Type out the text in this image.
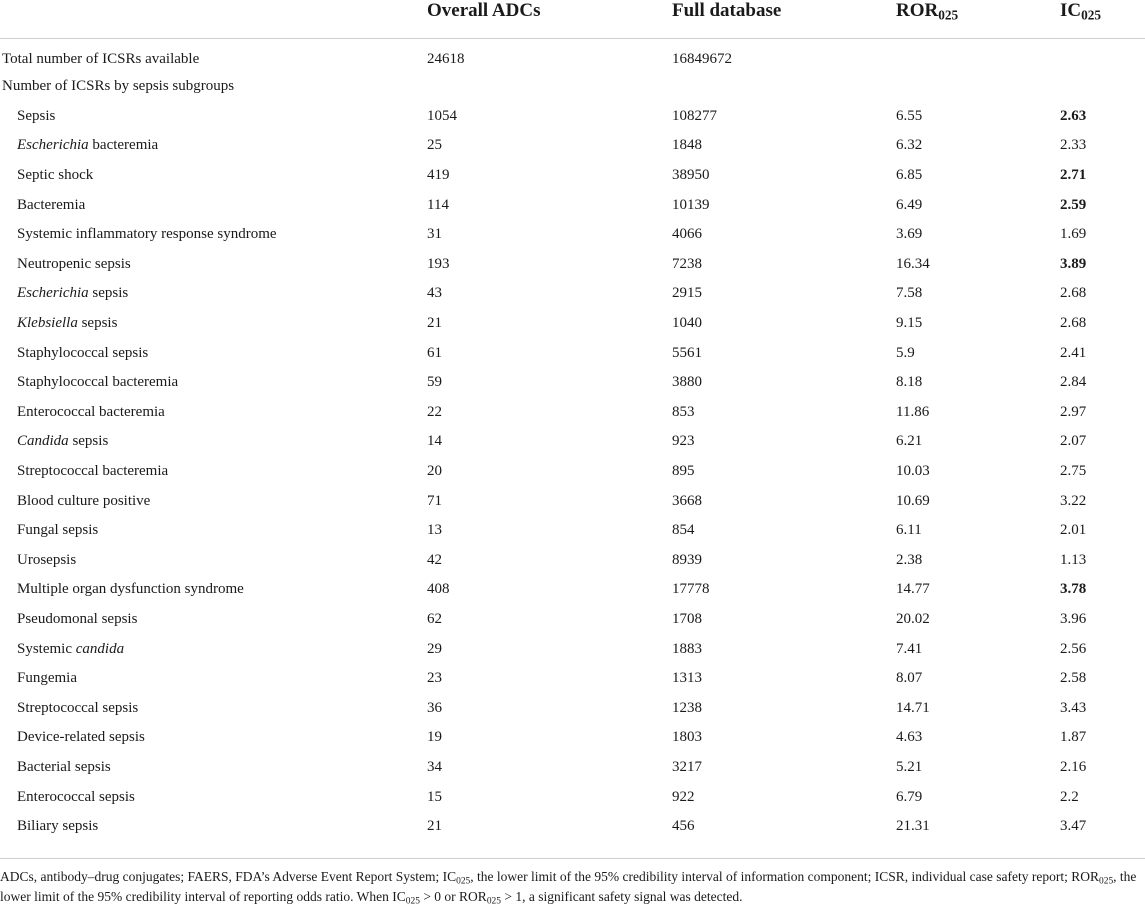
	Overall ADCs	Full database	$ROR_{025}$	$IC_{025}$
Total number of ICSRs available	24618	16849672		
Number of ICSRs by sepsis subgroups				
Sepsis	1054	108277	6.55	2.63
Escherichia bacteremia	25	1848	6.32	2.33
Septic shock	419	38950	6.85	2.71
Bacteremia	114	10139	6.49	2.59
Systemic inflammatory response syndrome	31	4066	3.69	1.69
Neutropenic sepsis	193	7238	16.34	3.89
Escherichia sepsis	43	2915	7.58	2.68
Klebsiella sepsis	21	1040	9.15	2.68
Staphylococcal sepsis	61	5561	5.9	2.41
Staphylococcal bacteremia	59	3880	8.18	2.84
Enterococcal bacteremia	22	853	11.86	2.97
Candida sepsis	14	923	6.21	2.07
Streptococcal bacteremia	20	895	10.03	2.75
Blood culture positive	71	3668	10.69	3.22
Fungal sepsis	13	854	6.11	2.01
Urosepsis	42	8939	2.38	1.13
Multiple organ dysfunction syndrome	408	17778	14.77	3.78
Pseudomonal sepsis	62	1708	20.02	3.96
Systemic candida	29	1883	7.41	2.56
Fungemia	23	1313	8.07	2.58
Streptococcal sepsis	36	1238	14.71	3.43
Device-related sepsis	19	1803	4.63	1.87
Bacterial sepsis	34	3217	5.21	2.16
Enterococcal sepsis	15	922	6.79	2.2
Biliary sepsis	21	456	21.31	3.47
ADCs, antibody–drug conjugates; FAERS, FDA’s Adverse Event Report System; $IC_{025}$, the lower limit of the 95% credibility interval of information component; ICSR, individual case safety report; $ROR_{025}$, the lower limit of the 95% credibility interval of reporting odds ratio. When $IC_{025} > 0$ or $ROR_{025} > 1$, a significant safety signal was detected.
